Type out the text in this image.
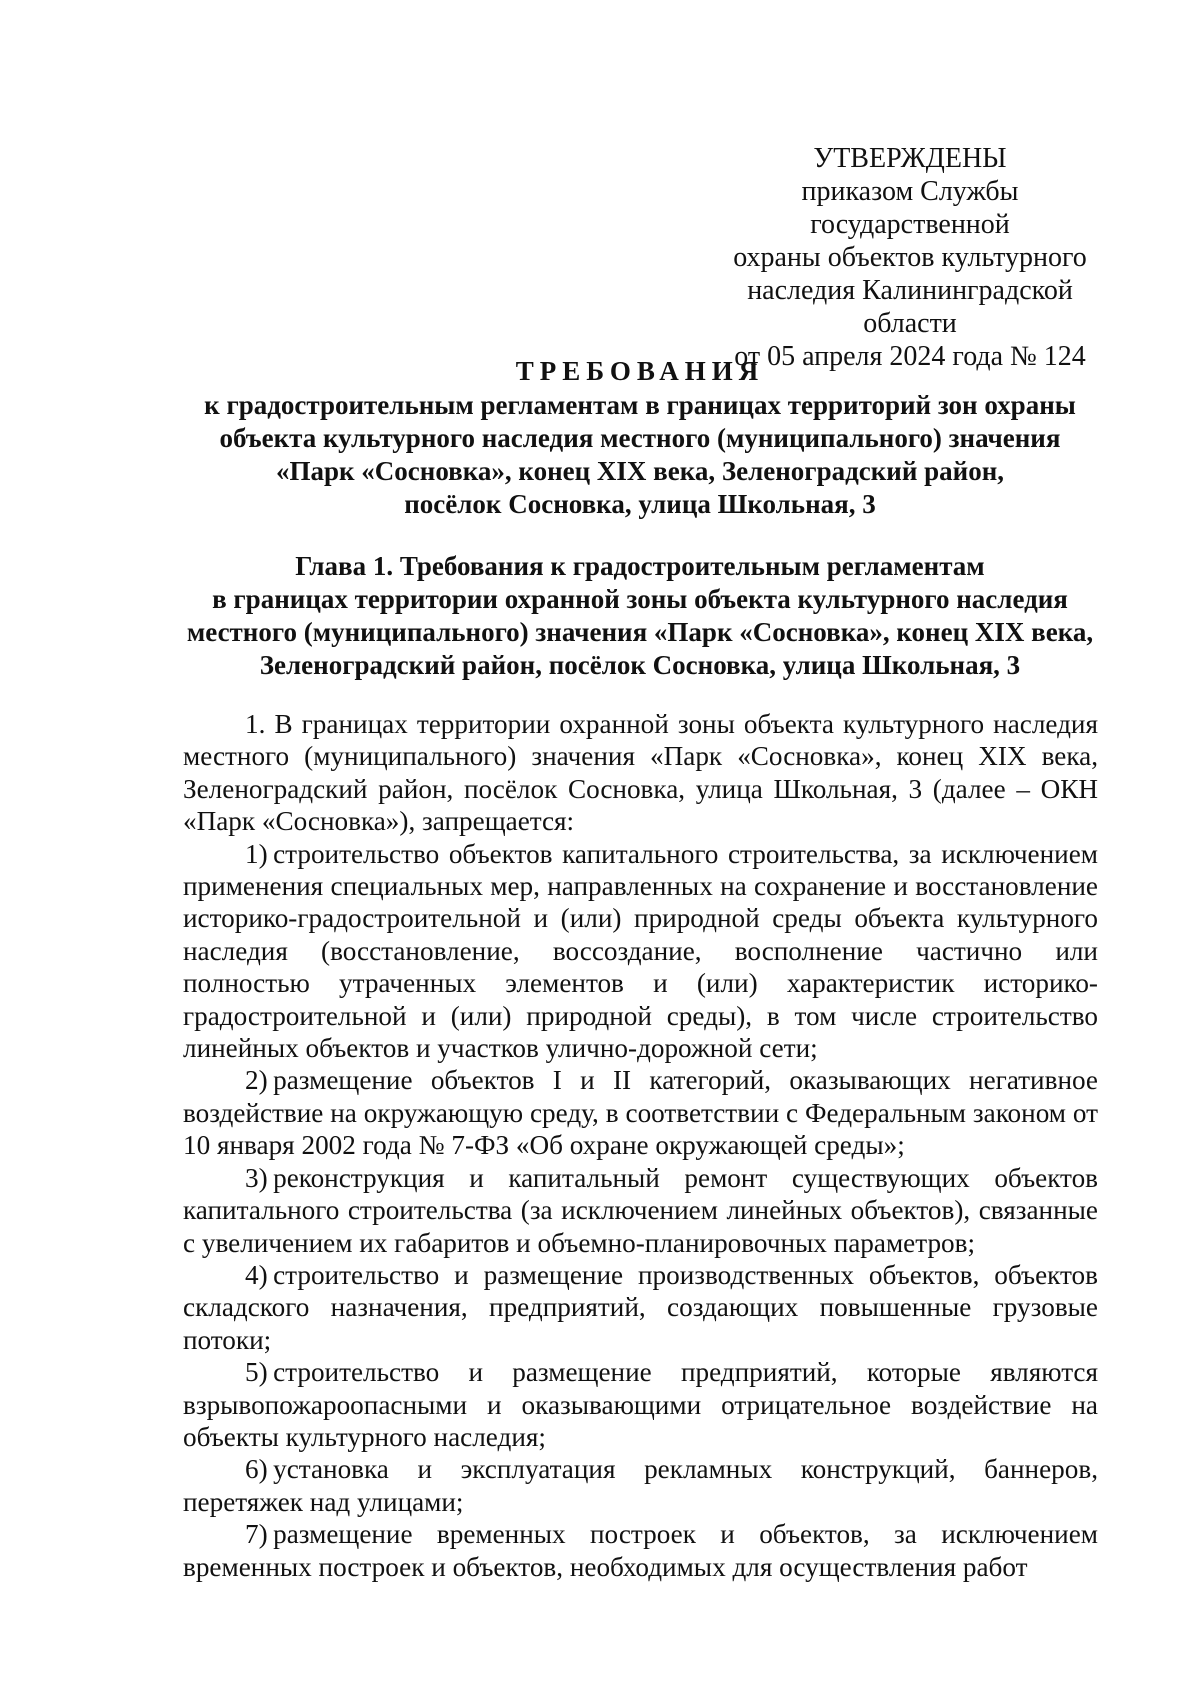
УТВЕРЖДЕНЫ
приказом Службы государственной
охраны объектов культурного
наследия Калининградской области
от 05 апреля 2024 года № 124
ТРЕБОВАНИЯ
к градостроительным регламентам в границах территорий зон охраны
объекта культурного наследия местного (муниципального) значения
«Парк «Сосновка», конец XIX века, Зеленоградский район,
посёлок Сосновка, улица Школьная, 3
Глава 1. Требования к градостроительным регламентам
в границах территории охранной зоны объекта культурного наследия
местного (муниципального) значения «Парк «Сосновка», конец XIX века,
Зеленоградский район, посёлок Сосновка, улица Школьная, 3

1. В границах территории охранной зоны объекта культурного наследия местного (муниципального) значения «Парк «Сосновка», конец XIX века, Зеленоградский район, посёлок Сосновка, улица Школьная, 3 (далее – ОКН «Парк «Сосновка»), запрещается:

1) строительство объектов капитального строительства, за исключением применения специальных мер, направленных на сохранение и восстановление историко-градостроительной и (или) природной среды объекта культурного наследия (восстановление, воссоздание, восполнение частично или полностью утраченных элементов и (или) характеристик историко-градостроительной и (или) природной среды), в том числе строительство линейных объектов и участков улично-дорожной сети;

2) размещение объектов I и II категорий, оказывающих негативное воздействие на окружающую среду, в соответствии с Федеральным законом от 10 января 2002 года № 7-ФЗ «Об охране окружающей среды»;

3) реконструкция и капитальный ремонт существующих объектов капитального строительства (за исключением линейных объектов), связанные с увеличением их габаритов и объемно-планировочных параметров;

4) строительство и размещение производственных объектов, объектов складского назначения, предприятий, создающих повышенные грузовые потоки;

5) строительство и размещение предприятий, которые являются взрывопожароопасными и оказывающими отрицательное воздействие на объекты культурного наследия;

6) установка и эксплуатация рекламных конструкций, баннеров, перетяжек над улицами;

7) размещение временных построек и объектов, за исключением временных построек и объектов, необходимых для осуществления работ
